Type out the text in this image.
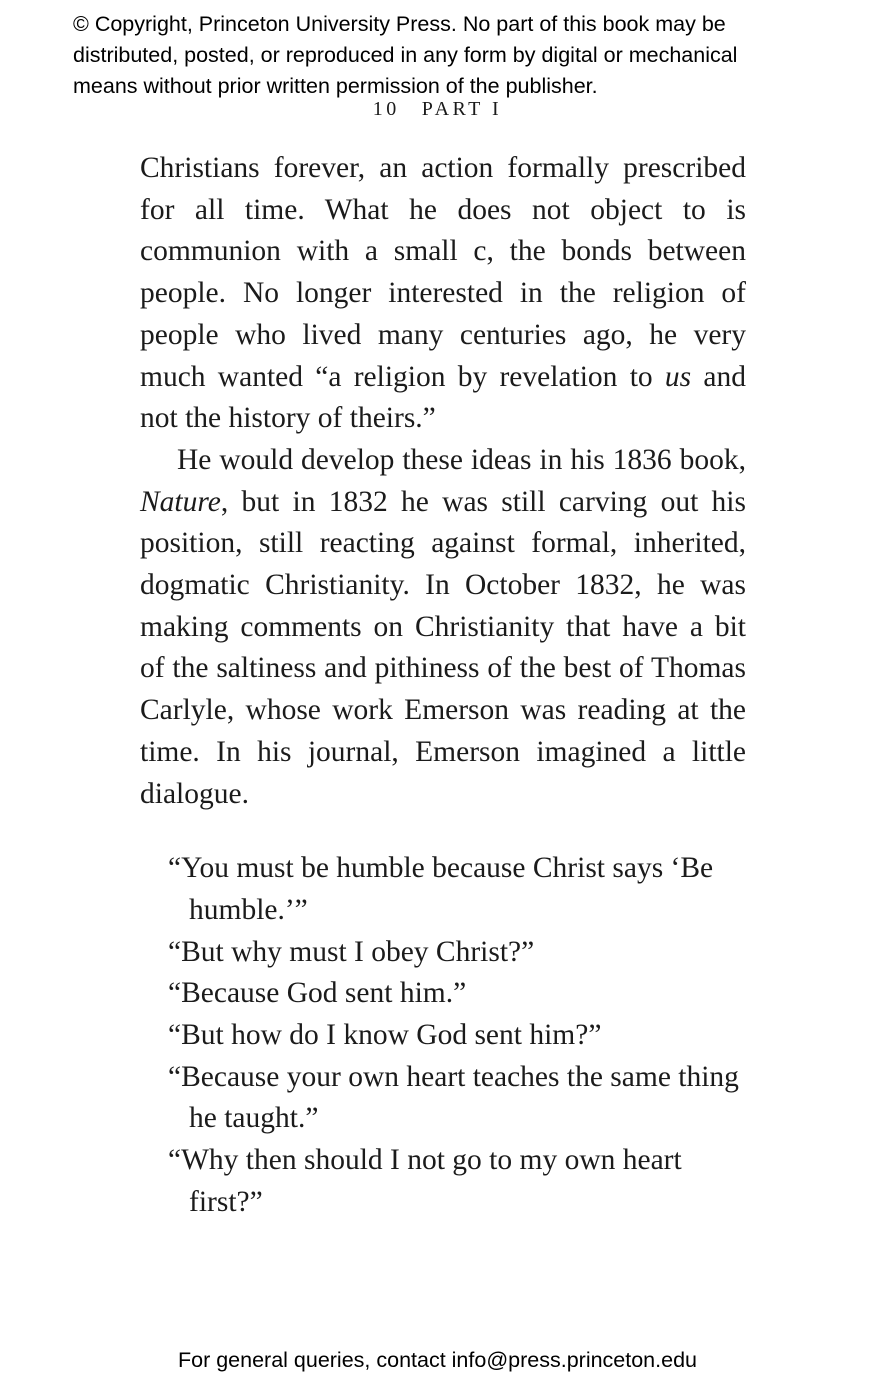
© Copyright, Princeton University Press. No part of this book may be
distributed, posted, or reproduced in any form by digital or mechanical
means without prior written permission of the publisher.
10 PART I
Christians forever, an action formally prescribed for all time. What he does not object to is communion with a small c, the bonds between people. No longer interested in the religion of people who lived many centuries ago, he very much wanted “a religion by revelation to us and not the history of theirs.”
He would develop these ideas in his 1836 book, Nature, but in 1832 he was still carving out his position, still reacting against formal, inherited, dogmatic Christianity. In October 1832, he was making comments on Christianity that have a bit of the saltiness and pithiness of the best of Thomas Carlyle, whose work Emerson was reading at the time. In his journal, Emerson imagined a little dialogue.
“You must be humble because Christ says ‘Be humble.’”
“But why must I obey Christ?”
“Because God sent him.”
“But how do I know God sent him?”
“Because your own heart teaches the same thing he taught.”
“Why then should I not go to my own heart first?”
For general queries, contact info@press.princeton.edu
